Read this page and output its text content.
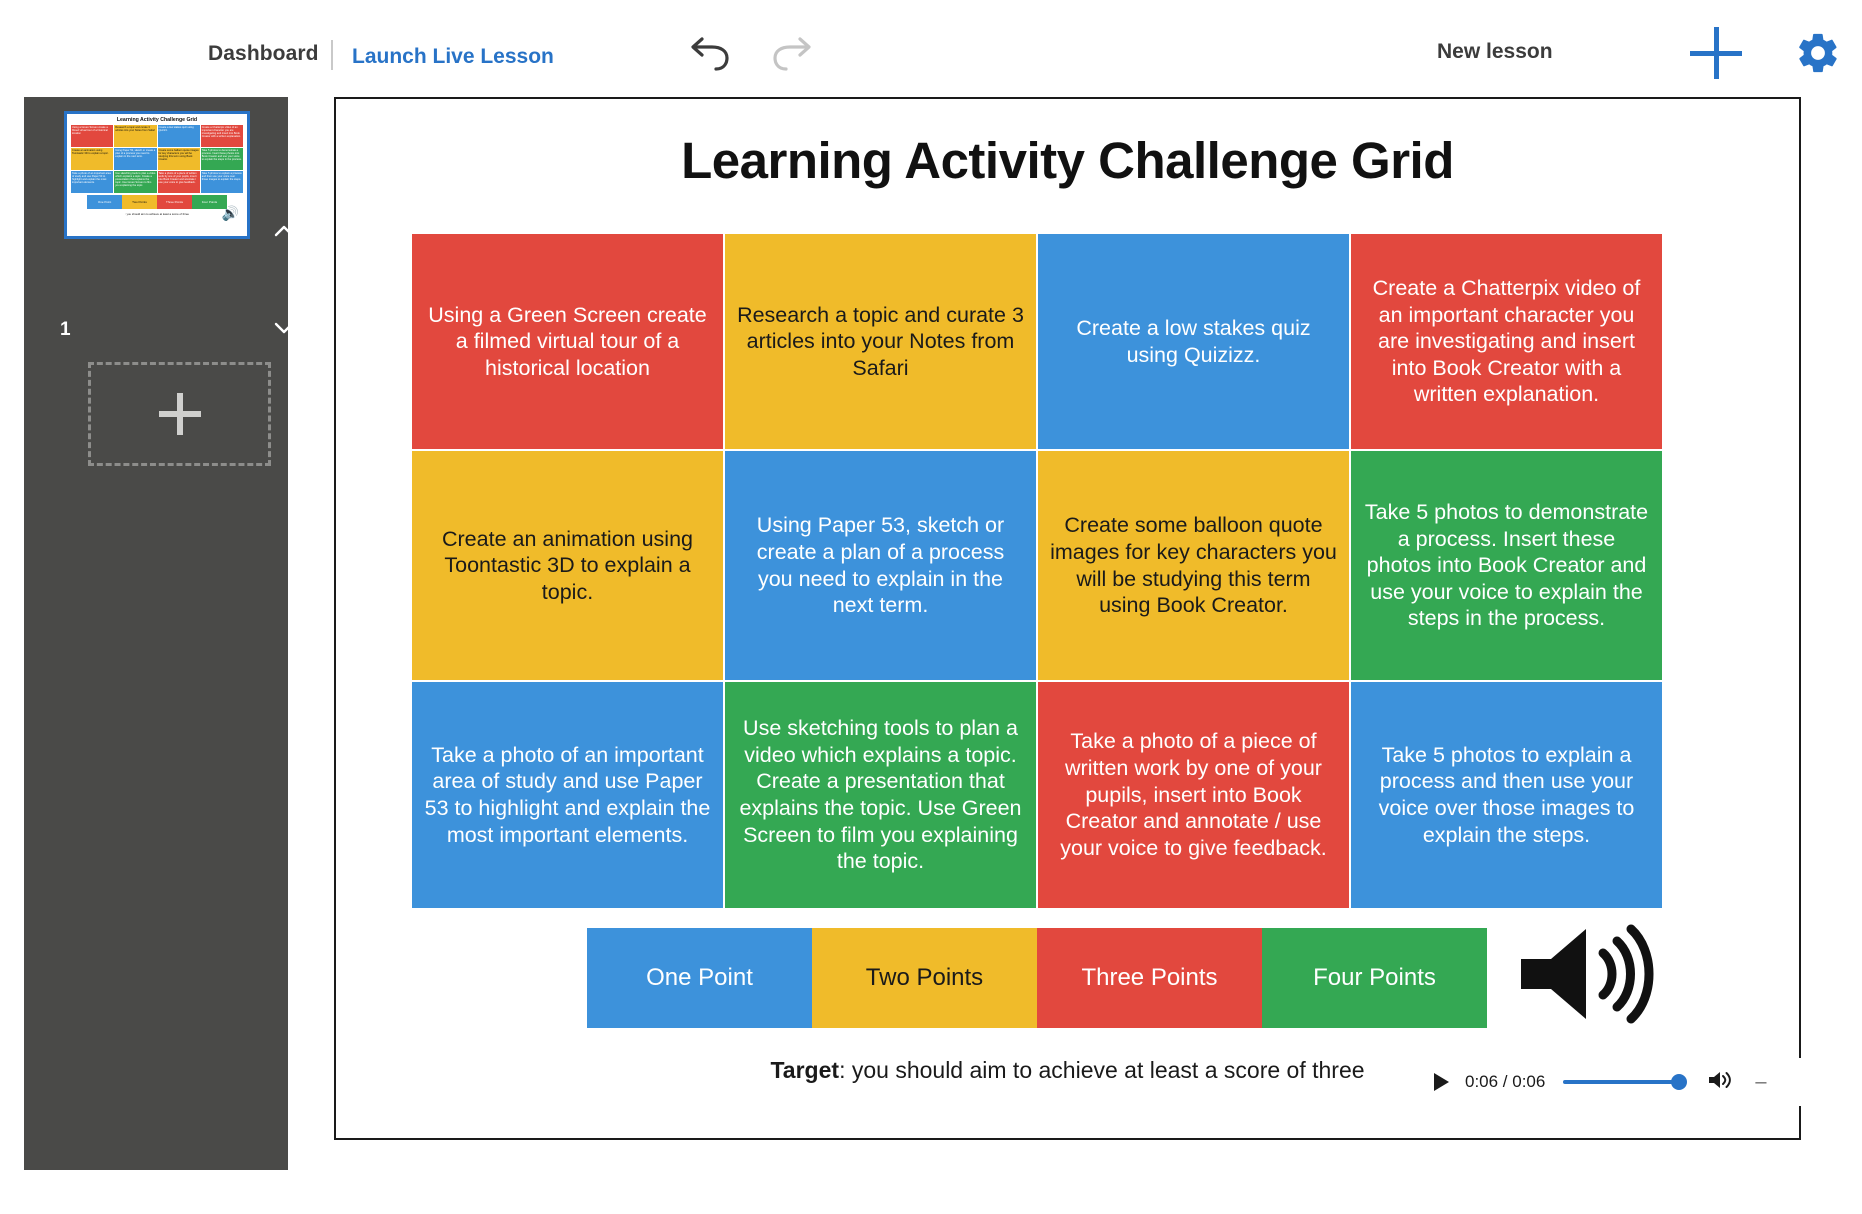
Dashboard Launch Live Lesson	New lesson
Learning Activity Challenge Grid
Using a Green Screen create a filmed virtual tour of a historical location
Research a topic and curate 3 articles into your Notes from Safari
Create a low stakes quiz using Quizizz.
Create a Chatterpix video of an important character you are investigating and insert into Book Creator with a written explanation.
Create an animation using Toontastic 3D to explain a topic.
Using Paper 53, sketch or create a plan of a process you need to explain in the next term.
Create some balloon quote images for key characters you will be studying this term using Book Creator.
Take 5 photos to demonstrate a process. Insert these photos into Book Creator and use your voice to explain the steps in the process.
Take a photo of an important area of study and use Paper 53 to highlight and explain the most important elements.
Use sketching tools to plan a video which explains a topic. Create a presentation that explains the topic. Use Green Screen to film you explaining the topic.
Take a photo of a piece of written work by one of your pupils, insert into Book Creator and annotate / use your voice to give feedback.
Take 5 photos to explain a process and then use your voice over those images to explain the steps.
One Point	Two Points	Three Points	Four Points
: you should aim to achieve at least a score of three	🔊
1
Learning Activity Challenge Grid
Using a Green Screen create a filmed virtual tour of a historical location
Research a topic and curate 3 articles into your Notes from Safari
Create a low stakes quiz using Quizizz.
Create a Chatterpix video of an important character you are investigating and insert into Book Creator with a written explanation.
Create an animation using Toontastic 3D to explain a topic.
Using Paper 53, sketch or create a plan of a process you need to explain in the next term.
Create some balloon quote images for key characters you will be studying this term using Book Creator.
Take 5 photos to demonstrate a process. Insert these photos into Book Creator and use your voice to explain the steps in the process.
Take a photo of an important area of study and use Paper 53 to highlight and explain the most important elements.
Use sketching tools to plan a video which explains a topic. Create a presentation that explains the topic. Use Green Screen to film you explaining the topic.
Take a photo of a piece of written work by one of your pupils, insert into Book Creator and annotate / use your voice to give feedback.
Take 5 photos to explain a process and then use your voice over those images to explain the steps.
One Point	Two Points	Three Points	Four Points
Target: you should aim to achieve at least a score of three	0:06 / 0:06	–
